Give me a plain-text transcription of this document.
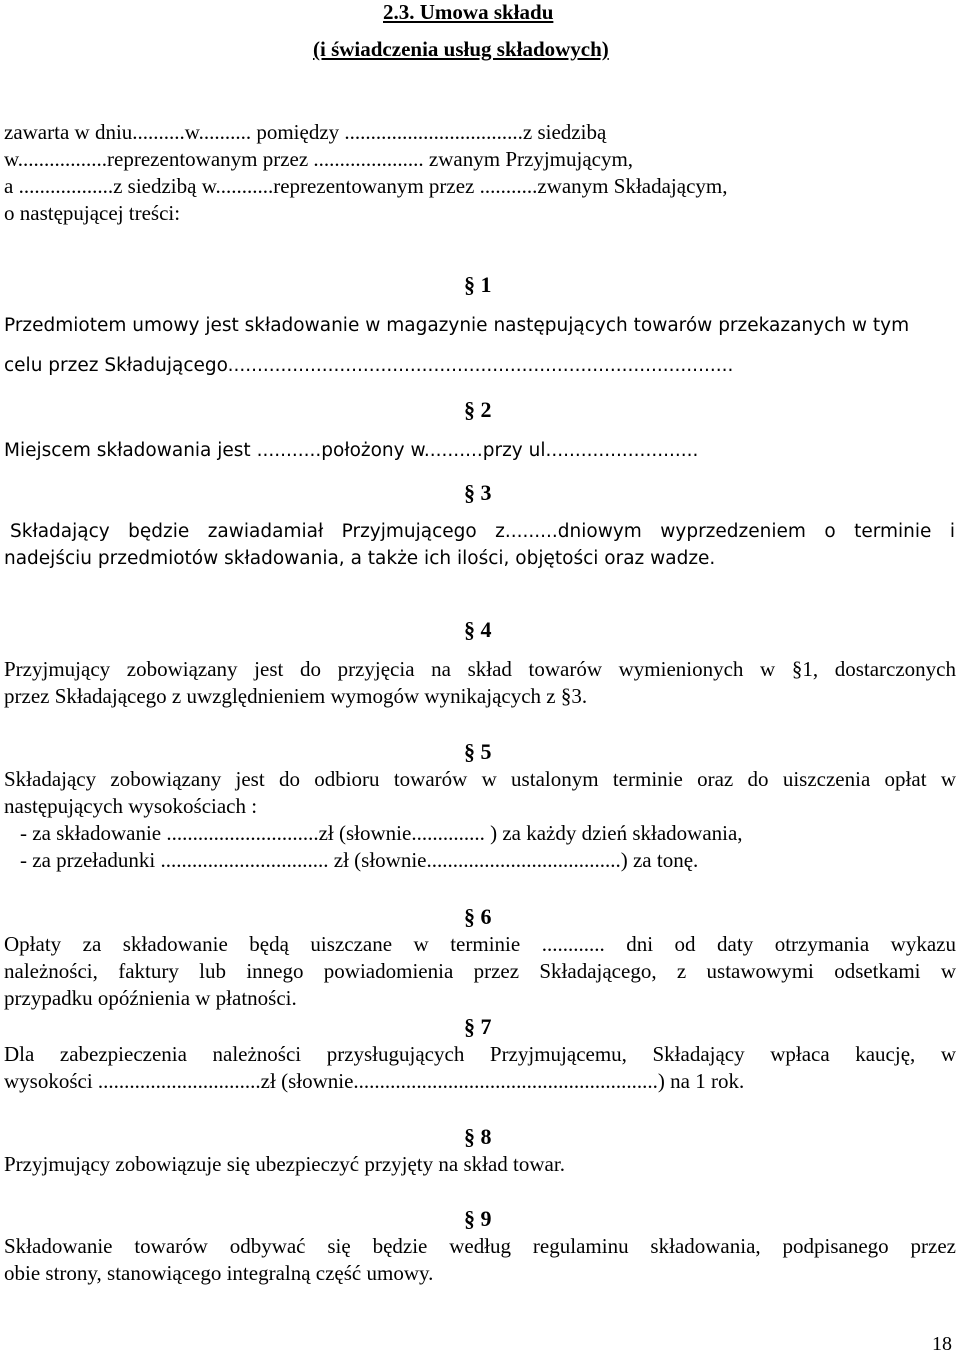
2.3. Umowa składu
(i świadczenia usług składowych)
zawarta w dniu..........w.......... pomiędzy ..................................z siedzibą
w.................reprezentowanym przez ..................... zwanym Przyjmującym,
a ..................z siedzibą w...........reprezentowanym przez ...........zwanym Składającym,
o następującej treści:
§ 1
Przedmiotem umowy jest składowanie w magazynie następujących towarów przekazanych w tym
celu przez Składującego......................................................................................
§ 2
Miejscem składowania jest ...........położony w..........przy ul..........................
§ 3
Składający będzie zawiadamiał Przyjmującego z.........dniowym wyprzedzeniem o terminie i
nadejściu przedmiotów składowania, a także ich ilości, objętości oraz wadze.
§ 4
Przyjmujący zobowiązany jest do przyjęcia na skład towarów wymienionych w §1, dostarczonych
przez Składającego z uwzględnieniem wymogów wynikających z §3.
§ 5
Składający zobowiązany jest do odbioru towarów w ustalonym terminie oraz do uiszczenia opłat w
następujących wysokościach :
- za składowanie .............................zł (słownie.............. ) za każdy dzień składowania,
- za przeładunki ................................ zł (słownie.....................................) za tonę.
§ 6
Opłaty za składowanie będą uiszczane w terminie ............ dni od daty otrzymania wykazu
należności, faktury lub innego powiadomienia przez Składającego, z ustawowymi odsetkami w
przypadku opóźnienia w płatności.
§ 7
Dla zabezpieczenia należności przysługujących Przyjmującemu, Składający wpłaca kaucję, w
wysokości ...............................zł (słownie..........................................................) na 1 rok.
§ 8
Przyjmujący zobowiązuje się ubezpieczyć przyjęty na skład towar.
§ 9
Składowanie towarów odbywać się będzie według regulaminu składowania, podpisanego przez
obie strony, stanowiącego integralną część umowy.
18
